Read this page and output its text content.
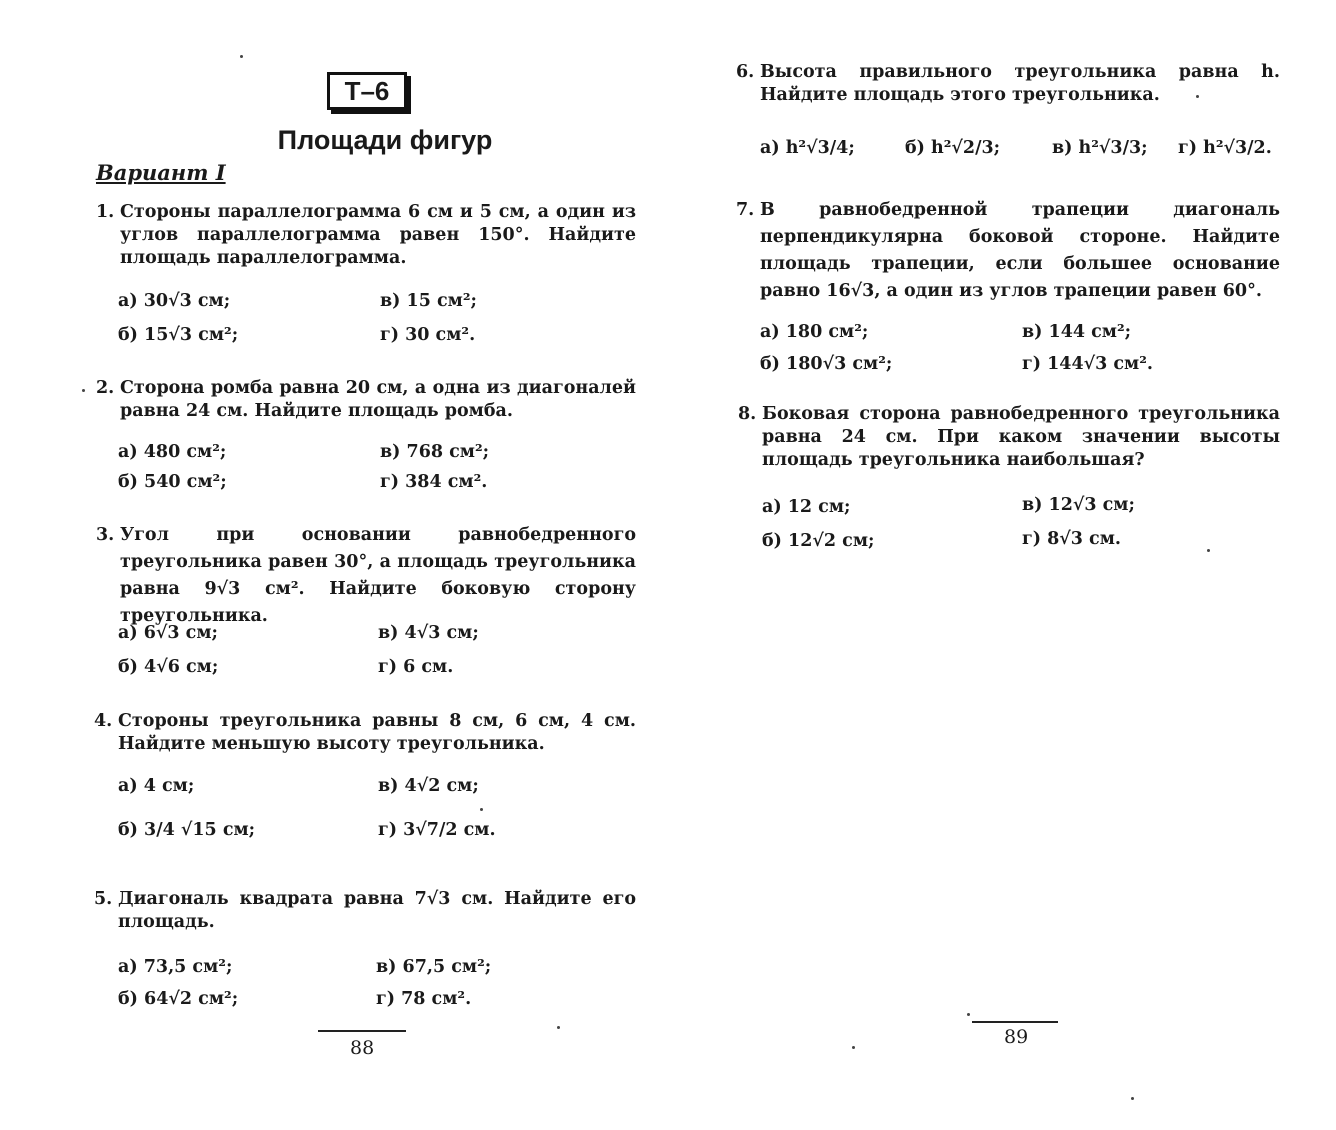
Т–6
Площади фигур
Вариант I
1. Стороны параллелограмма 6 см и 5 см, а один из углов параллелограмма равен 150°. Найдите площадь параллелограмма.
а) 30√3 см;	в) 15 см²;
б) 15√3 см²;	г) 30 см².
2. Сторона ромба равна 20 см, а одна из диагоналей равна 24 см. Найдите площадь ромба.
а) 480 см²;	в) 768 см²;
б) 540 см²;	г) 384 см².
3. Угол при основании равнобедренного треугольника равен 30°, а площадь треугольника равна 9√3 см². Найдите боковую сторону треугольника.
а) 6√3 см;	в) 4√3 см;
б) 4√6 см;	г) 6 см.
4. Стороны треугольника равны 8 см, 6 см, 4 см. Найдите меньшую высоту треугольника.
а) 4 см;	в) 4√2 см;
б) 3/4 √15 см;	г) 3√7/2 см.
5. Диагональ квадрата равна 7√3 см. Найдите его площадь.
а) 73,5 см²;	в) 67,5 см²;
б) 64√2 см²;	г) 78 см².
88
6. Высота правильного треугольника равна h. Найдите площадь этого треугольника.
а) h²√3/4;	б) h²√2/3;	в) h²√3/3; г) h²√3/2.
7. В равнобедренной трапеции диагональ перпендикулярна боковой стороне. Найдите площадь трапеции, если большее основание равно 16√3, а один из углов трапеции равен 60°.
а) 180 см²;	в) 144 см²;
б) 180√3 см²;	г) 144√3 см².
8. Боковая сторона равнобедренного треугольника равна 24 см. При каком значении высоты площадь треугольника наибольшая?
а) 12 см;	в) 12√3 см;
б) 12√2 см;	г) 8√3 см.
89
